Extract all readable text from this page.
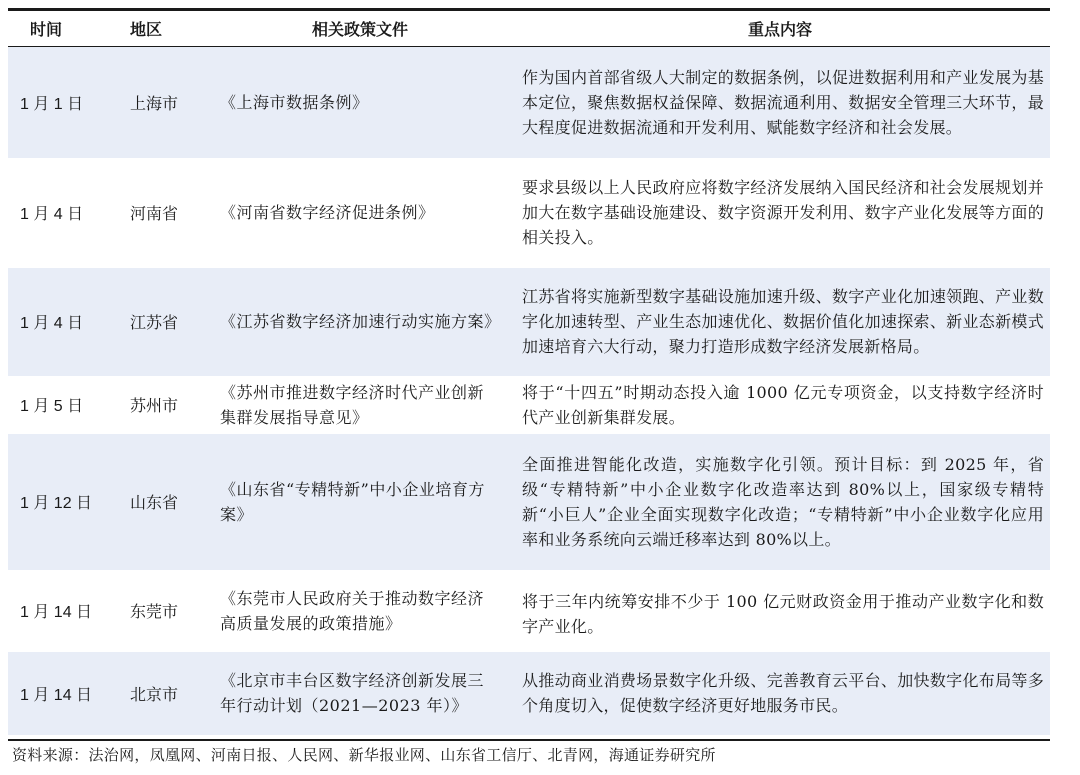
时间	地区	相关政策文件	重点内容
1 月 1 日	上海市	《上海市数据条例》	作为国内首部省级人大制定的数据条例，以促进数据利用和产业发展为基本定位，聚焦数据权益保障、数据流通利用、数据安全管理三大环节，最大程度促进数据流通和开发利用、赋能数字经济和社会发展。
1 月 4 日	河南省	《河南省数字经济促进条例》	要求县级以上人民政府应将数字经济发展纳入国民经济和社会发展规划并加大在数字基础设施建设、数字资源开发利用、数字产业化发展等方面的相关投入。
1 月 4 日	江苏省	《江苏省数字经济加速行动实施方案》	江苏省将实施新型数字基础设施加速升级、数字产业化加速领跑、产业数字化加速转型、产业生态加速优化、数据价值化加速探索、新业态新模式加速培育六大行动，聚力打造形成数字经济发展新格局。
1 月 5 日	苏州市	《苏州市推进数字经济时代产业创新集群发展指导意见》	将于“十四五”时期动态投入逾 1000 亿元专项资金，以支持数字经济时代产业创新集群发展。
1 月 12 日	山东省	《山东省“专精特新”中小企业培育方案》	全面推进智能化改造，实施数字化引领。预计目标：到 2025 年，省级“专精特新”中小企业数字化改造率达到 80%以上，国家级专精特新“小巨人”企业全面实现数字化改造；“专精特新”中小企业数字化应用率和业务系统向云端迁移率达到 80%以上。
1 月 14 日	东莞市	《东莞市人民政府关于推动数字经济高质量发展的政策措施》	将于三年内统筹安排不少于 100 亿元财政资金用于推动产业数字化和数字产业化。
1 月 14 日	北京市	《北京市丰台区数字经济创新发展三年行动计划（2021—2023 年）》	从推动商业消费场景数字化升级、完善教育云平台、加快数字化布局等多个角度切入，促使数字经济更好地服务市民。
资料来源：法治网，凤凰网、河南日报、人民网、新华报业网、山东省工信厅、北青网，海通证券研究所
